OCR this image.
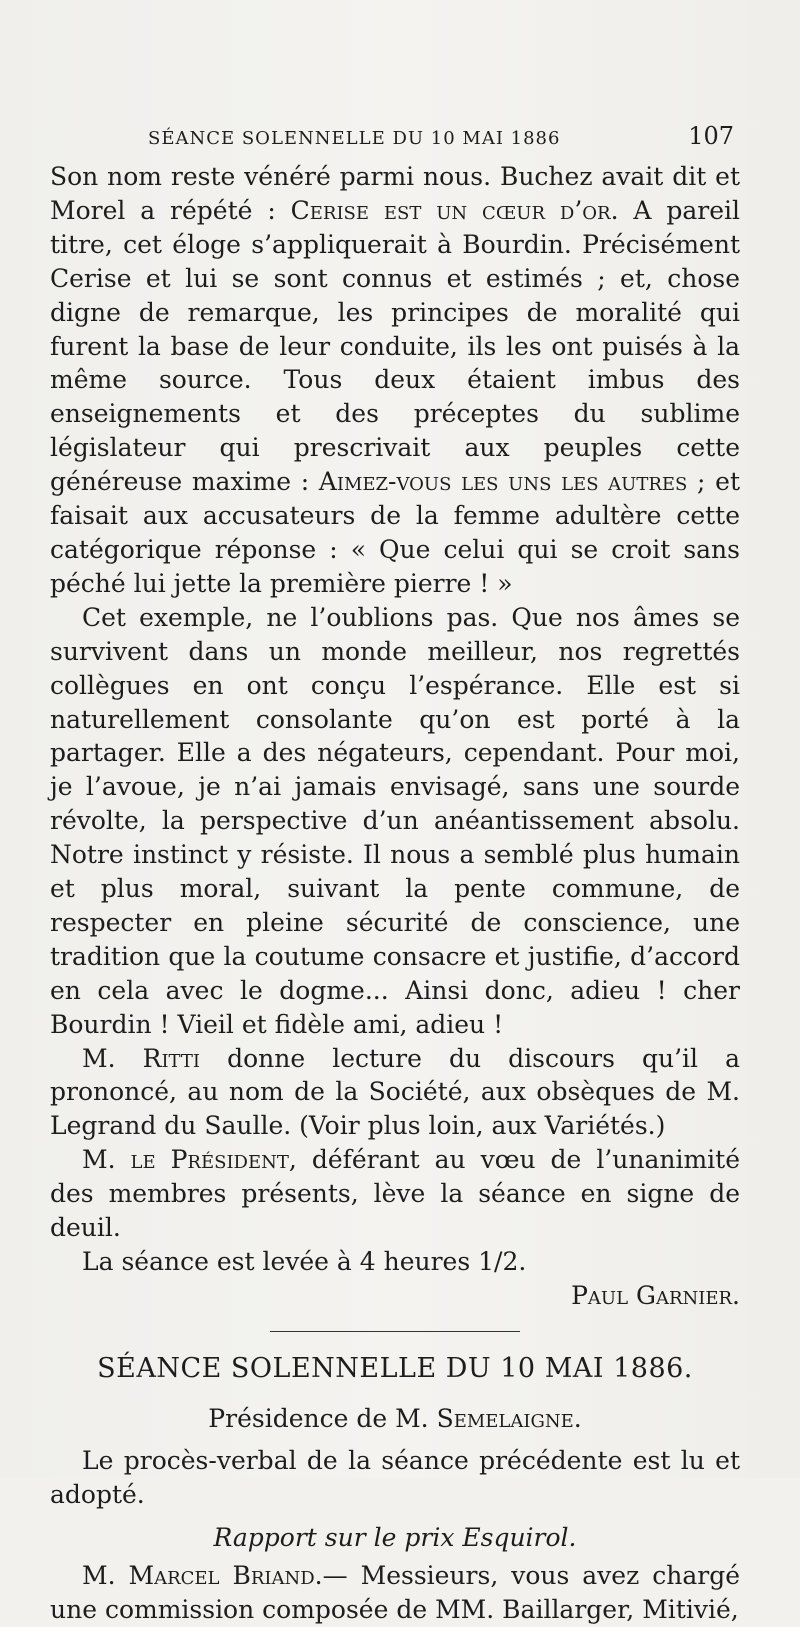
SÉANCE SOLENNELLE DU 10 MAI 1886	107

Son nom reste vénéré parmi nous. Buchez avait dit et Morel a répété : Cerise est un cœur d’or. A pareil titre, cet éloge s’appliquerait à Bourdin. Précisément Cerise et lui se sont connus et estimés ; et, chose digne de remarque, les principes de moralité qui furent la base de leur conduite, ils les ont puisés à la même source. Tous deux étaient imbus des enseignements et des préceptes du sublime législateur qui prescrivait aux peuples cette généreuse maxime : Aimez-vous les uns les autres ; et faisait aux accusateurs de la femme adultère cette catégorique réponse : « Que celui qui se croit sans péché lui jette la première pierre ! »

Cet exemple, ne l’oublions pas. Que nos âmes se survivent dans un monde meilleur, nos regrettés collègues en ont conçu l’espérance. Elle est si naturellement consolante qu’on est porté à la partager. Elle a des négateurs, cependant. Pour moi, je l’avoue, je n’ai jamais envisagé, sans une sourde révolte, la perspective d’un anéantissement absolu. Notre instinct y résiste. Il nous a semblé plus humain et plus moral, suivant la pente commune, de respecter en pleine sécurité de conscience, une tradition que la coutume consacre et justifie, d’accord en cela avec le dogme... Ainsi donc, adieu ! cher Bourdin ! Vieil et fidèle ami, adieu !

M. Ritti donne lecture du discours qu’il a prononcé, au nom de la Société, aux obsèques de M. Legrand du Saulle. (Voir plus loin, aux Variétés.)

M. le Président, déférant au vœu de l’unanimité des membres présents, lève la séance en signe de deuil.

La séance est levée à 4 heures 1/2.

Paul Garnier.

SÉANCE SOLENNELLE DU 10 MAI 1886.

Présidence de M. Semelaigne.

Le procès-verbal de la séance précédente est lu et adopté.

Rapport sur le prix Esquirol.

M. Marcel Briand.— Messieurs, vous avez chargé une commission composée de MM. Baillarger, Mitivié,
